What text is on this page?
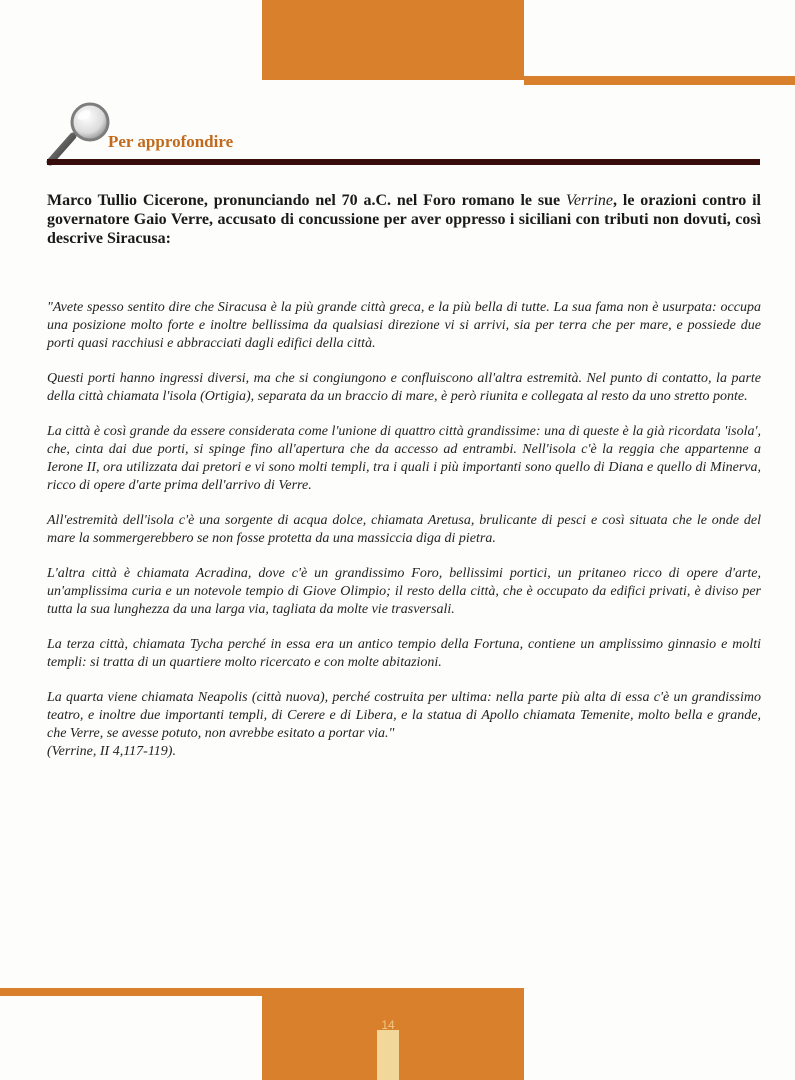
Per approfondire

Marco Tullio Cicerone, pronunciando nel 70 a.C. nel Foro romano le sue Verrine, le orazioni contro il governatore Gaio Verre, accusato di concussione per aver oppresso i siciliani con tributi non dovuti, così descrive Siracusa:

"Avete spesso sentito dire che Siracusa è la più grande città greca, e la più bella di tutte. La sua fama non è usurpata: occupa una posizione molto forte e inoltre bellissima da qualsiasi direzione vi si arrivi, sia per terra che per mare, e possiede due porti quasi racchiusi e abbracciati dagli edifici della città.

Questi porti hanno ingressi diversi, ma che si congiungono e confluiscono all'altra estremità. Nel punto di contatto, la parte della città chiamata l'isola (Ortigia), separata da un braccio di mare, è però riunita e collegata al resto da uno stretto ponte.

La città è così grande da essere considerata come l'unione di quattro città grandissime: una di queste è la già ricordata 'isola', che, cinta dai due porti, si spinge fino all'apertura che da accesso ad entrambi. Nell'isola c'è la reggia che appartenne a Ierone II, ora utilizzata dai pretori e vi sono molti templi, tra i quali i più importanti sono quello di Diana e quello di Minerva, ricco di opere d'arte prima dell'arrivo di Verre.

All'estremità dell'isola c'è una sorgente di acqua dolce, chiamata Aretusa, brulicante di pesci e così situata che le onde del mare la sommergerebbero se non fosse protetta da una massiccia diga di pietra.

L'altra città è chiamata Acradina, dove c'è un grandissimo Foro, bellissimi portici, un pritaneo ricco di opere d'arte, un'amplissima curia e un notevole tempio di Giove Olimpio; il resto della città, che è occupato da edifici privati, è diviso per tutta la sua lunghezza da una larga via, tagliata da molte vie trasversali.

La terza città, chiamata Tycha perché in essa era un antico tempio della Fortuna, contiene un amplissimo ginnasio e molti templi: si tratta di un quartiere molto ricercato e con molte abitazioni.

La quarta viene chiamata Neapolis (città nuova), perché costruita per ultima: nella parte più alta di essa c'è un grandissimo teatro, e inoltre due importanti templi, di Cerere e di Libera, e la statua di Apollo chiamata Temenite, molto bella e grande, che Verre, se avesse potuto, non avrebbe esitato a portar via."

(Verrine, II 4,117-119).

14
